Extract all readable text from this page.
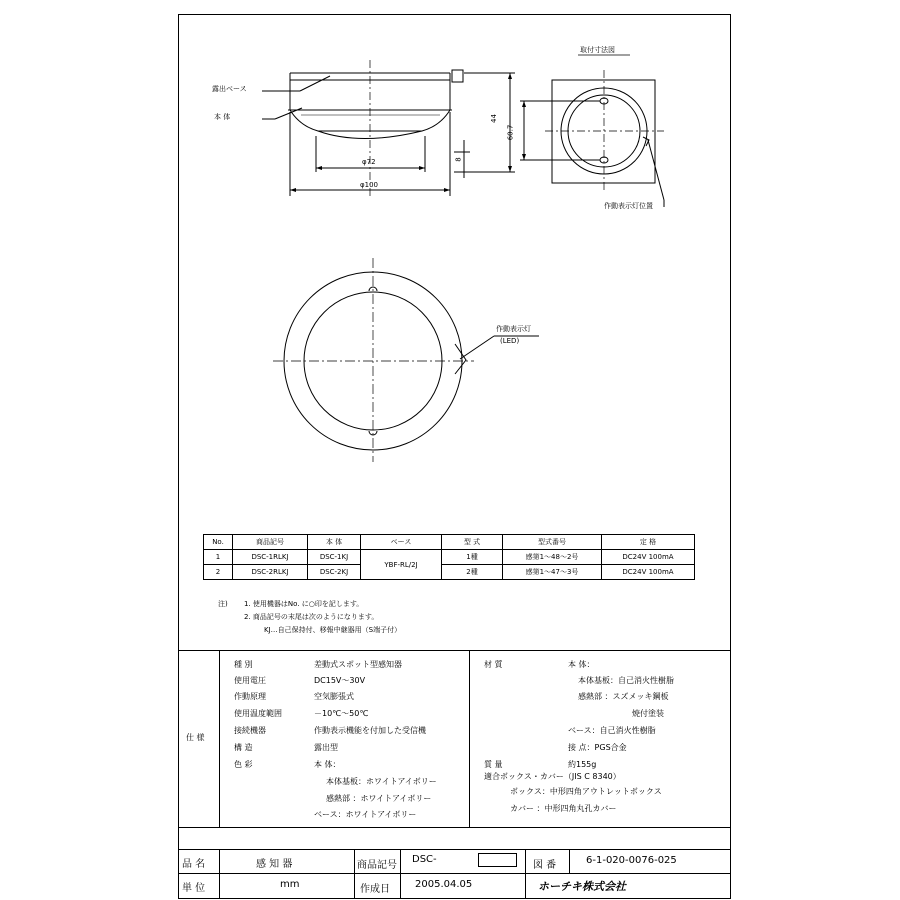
露出ベース
本 体
φ72
φ100
44
8
60.7
取付寸法図
作動表示灯位置
作動表示灯
(LED)
No.	商品記号	本 体	ベース	型 式	型式番号	定 格
1	DSC-1RLKJ	DSC-1KJ	YBF-RL/2J	1種	感第1～48～2号	DC24V 100mA
2	DSC-2RLKJ	DSC-2KJ		2種	感第1～47～3号	DC24V 100mA
注) 1. 使用機器はNo. に○印を記します。
2. 商品記号の末尾は次のようになります。
KJ…自己保持付、移報中継器用（S端子付）
仕 様
種 別	差動式スポット型感知器
使用電圧	DC15V～30V
作動原理	空気膨張式
使用温度範囲	－10℃～50℃
接続機器	作動表示機能を付加した受信機
構 造	露出型
色 彩	本 体：
本体基板：ホワイトアイボリー
感熱部 ：ホワイトアイボリー
ベース：ホワイトアイボリー
材 質	本 体：
本体基板：自己消火性樹脂
感熱部 ：スズメッキ鋼板
焼付塗装
ベース：自己消火性樹脂
接 点：PGS合金
質 量	約155g
適合ボックス・カバー（JIS C 8340）
ボックス：中形四角アウトレットボックス
カバー ：中形四角丸孔カバー
品 名	感 知 器	商品記号
DSC-
図 番	6-1-020-0076-025
単 位	mm	作成日	2005.04.05	ホーチキ株式会社
